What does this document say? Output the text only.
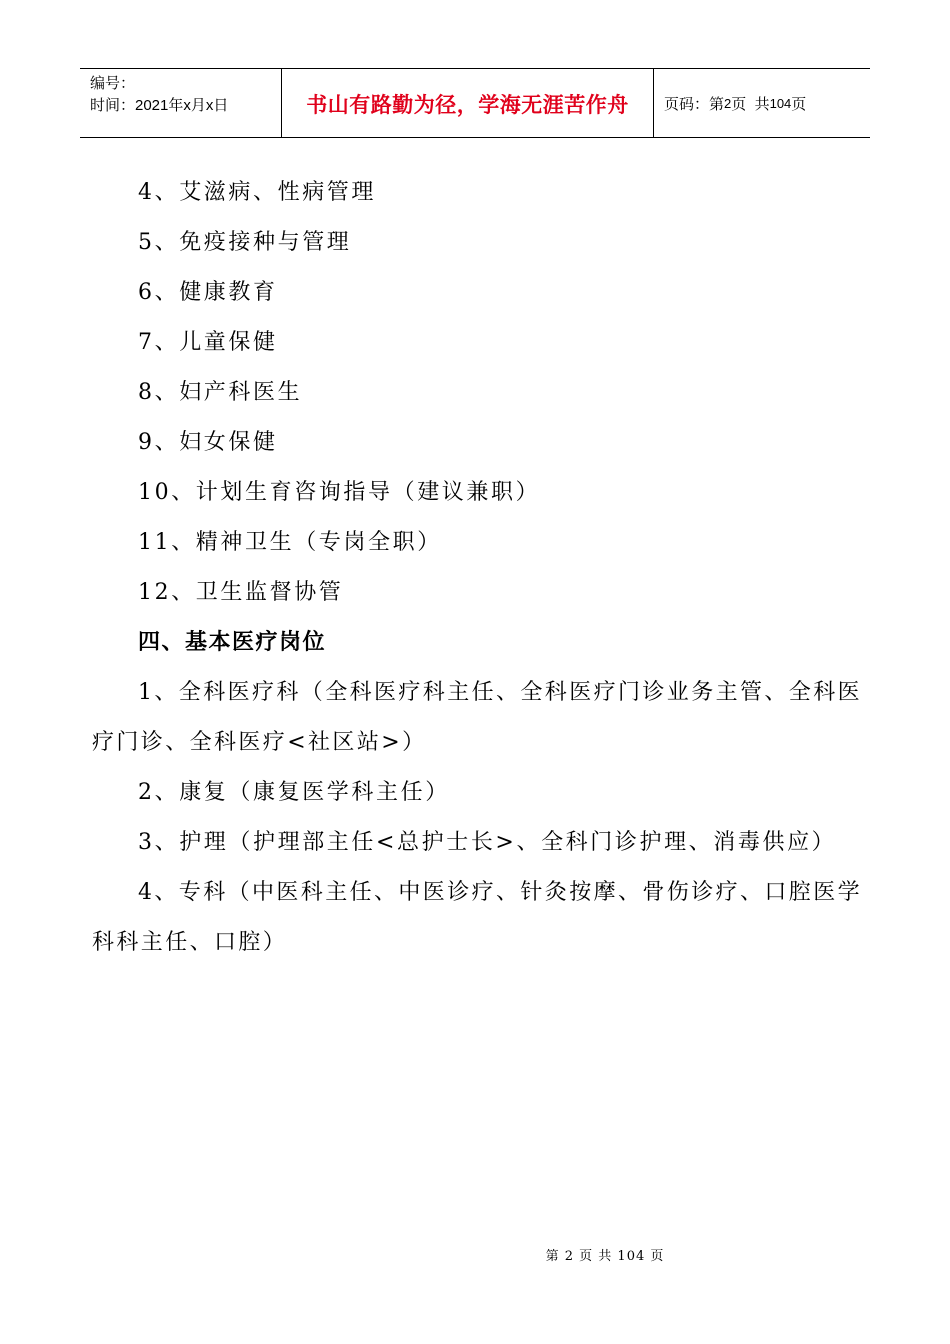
编号：
时间：2021年x月x日	书山有路勤为径，学海无涯苦作舟 页码：第 2 页  共 104 页
4、艾滋病、性病管理
5、免疫接种与管理
6、健康教育
7、儿童保健
8、妇产科医生
9、妇女保健
10、计划生育咨询指导（建议兼职）
11、精神卫生（专岗全职）
12、卫生监督协管
四、基本医疗岗位
1、全科医疗科（全科医疗科主任、全科医疗门诊业务主管、全科医疗门诊、全科医疗<社区站>）
2、康复（康复医学科主任）
3、护理（护理部主任<总护士长>、全科门诊护理、消毒供应）
4、专科（中医科主任、中医诊疗、针灸按摩、骨伤诊疗、口腔医学科科主任、口腔）
第 2 页 共 104 页
